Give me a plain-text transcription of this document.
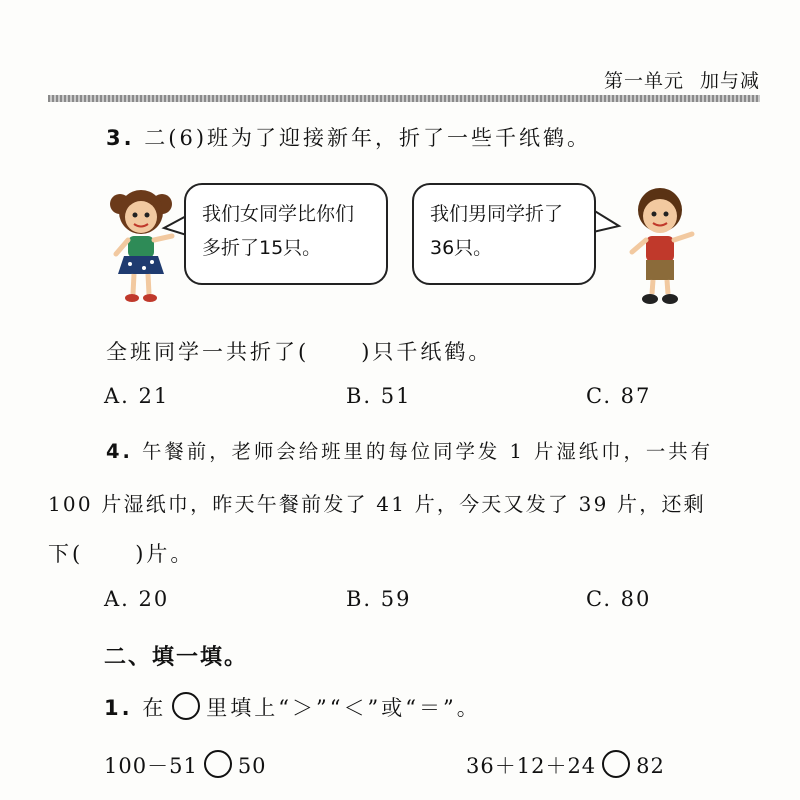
第一单元 加与减
3. 二(6)班为了迎接新年，折了一些千纸鹤。
我们女同学比你们
多折了15只。
我们男同学折了
36只。
全班同学一共折了( )只千纸鹤。
A. 21	B. 51	C. 87
4. 午餐前，老师会给班里的每位同学发 1 片湿纸巾，一共有
100 片湿纸巾，昨天午餐前发了 41 片，今天又发了 39 片，还剩
下( )片。
A. 20	B. 59	C. 80
二、填一填。
1. 在 里填上“＞”“＜”或“＝”。
100－51 50	36＋12＋24 82
